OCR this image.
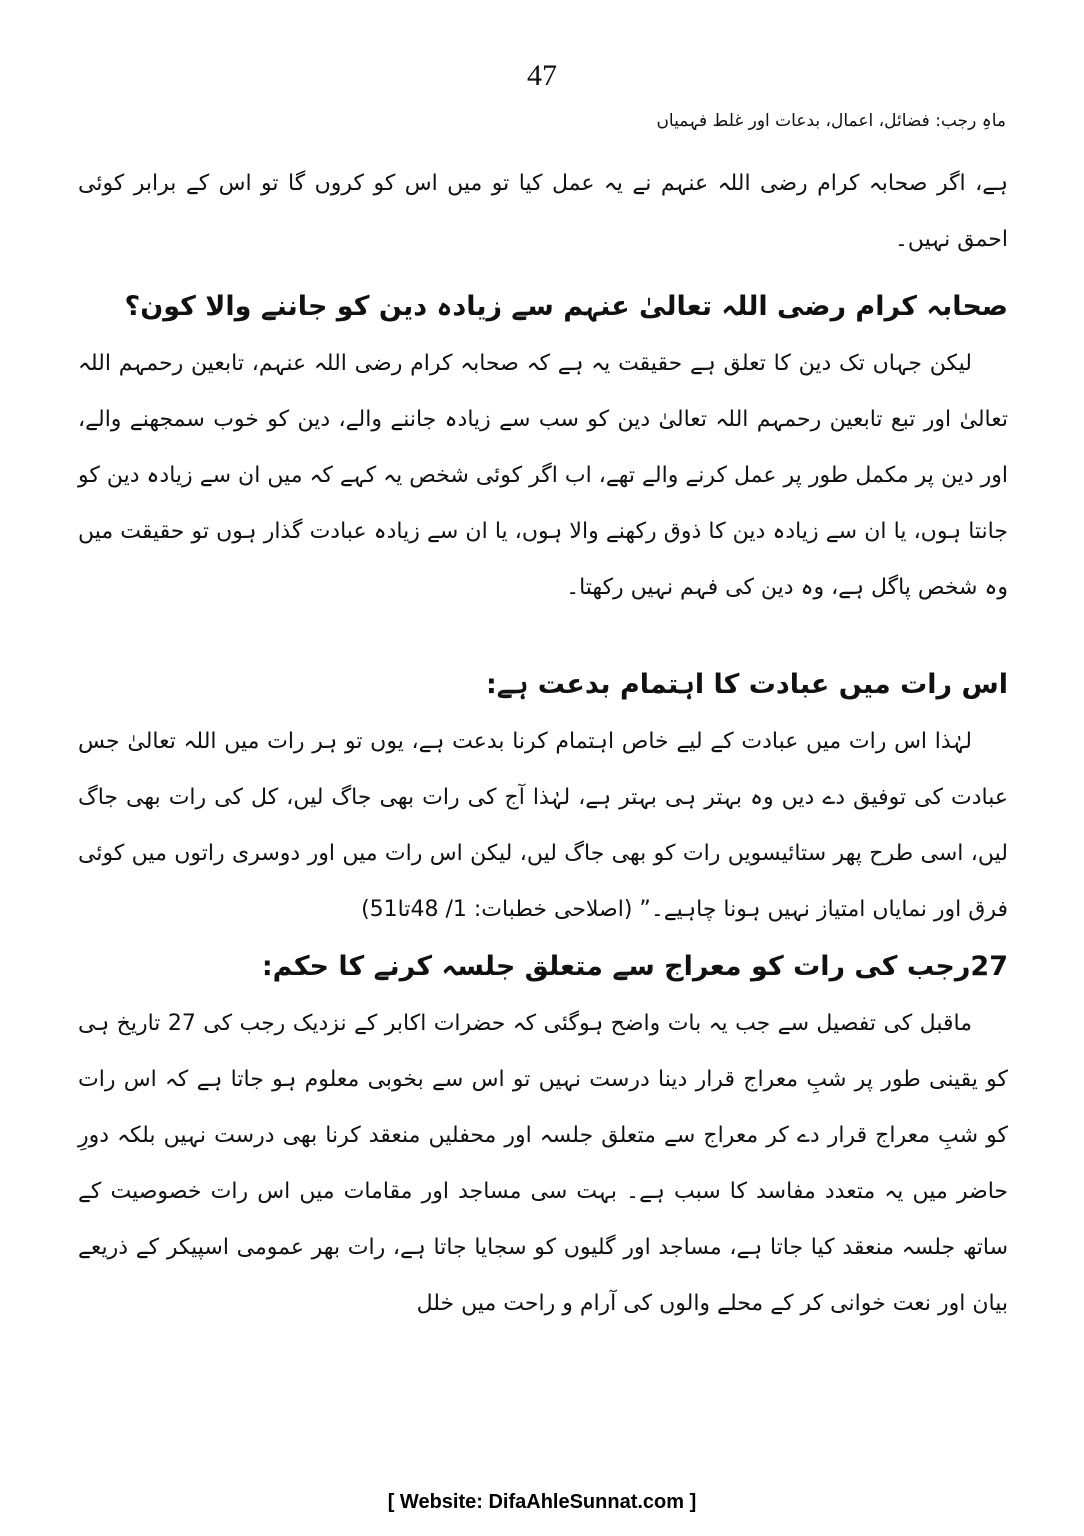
47
ماہِ رجب: فضائل، اعمال، بدعات اور غلط فہمیاں

ہے، اگر صحابہ کرام رضی اللہ عنہم نے یہ عمل کیا تو میں اس کو کروں گا تو اس کے برابر کوئی احمق نہیں۔

صحابہ کرام رضی اللہ تعالیٰ عنہم سے زیادہ دین کو جاننے والا کون؟

لیکن جہاں تک دین کا تعلق ہے حقیقت یہ ہے کہ صحابہ کرام رضی اللہ عنہم، تابعین رحمہم اللہ تعالیٰ اور تبع تابعین رحمہم اللہ تعالیٰ دین کو سب سے زیادہ جاننے والے، دین کو خوب سمجھنے والے، اور دین پر مکمل طور پر عمل کرنے والے تھے، اب اگر کوئی شخص یہ کہے کہ میں ان سے زیادہ دین کو جانتا ہوں، یا ان سے زیادہ دین کا ذوق رکھنے والا ہوں، یا ان سے زیادہ عبادت گذار ہوں تو حقیقت میں وہ شخص پاگل ہے، وہ دین کی فہم نہیں رکھتا۔

اس رات میں عبادت کا اہتمام بدعت ہے:

لہٰذا اس رات میں عبادت کے لیے خاص اہتمام کرنا بدعت ہے، یوں تو ہر رات میں اللہ تعالیٰ جس عبادت کی توفیق دے دیں وہ بہتر ہی بہتر ہے، لہٰذا آج کی رات بھی جاگ لیں، کل کی رات بھی جاگ لیں، اسی طرح پھر ستائیسویں رات کو بھی جاگ لیں، لیکن اس رات میں اور دوسری راتوں میں کوئی فرق اور نمایاں امتیاز نہیں ہونا چاہیے۔” (اصلاحی خطبات: 1/ 48تا51)

27رجب کی رات کو معراج سے متعلق جلسہ کرنے کا حکم:

ماقبل کی تفصیل سے جب یہ بات واضح ہوگئی کہ حضرات اکابر کے نزدیک رجب کی 27 تاریخ ہی کو یقینی طور پر شبِ معراج قرار دینا درست نہیں تو اس سے بخوبی معلوم ہو جاتا ہے کہ اس رات کو شبِ معراج قرار دے کر معراج سے متعلق جلسہ اور محفلیں منعقد کرنا بھی درست نہیں بلکہ دورِ حاضر میں یہ متعدد مفاسد کا سبب ہے۔ بہت سی مساجد اور مقامات میں اس رات خصوصیت کے ساتھ جلسہ منعقد کیا جاتا ہے، مساجد اور گلیوں کو سجایا جاتا ہے، رات بھر عمومی اسپیکر کے ذریعے بیان اور نعت خوانی کر کے محلے والوں کی آرام و راحت میں خلل

[ Website: DifaAhleSunnat.com ]
